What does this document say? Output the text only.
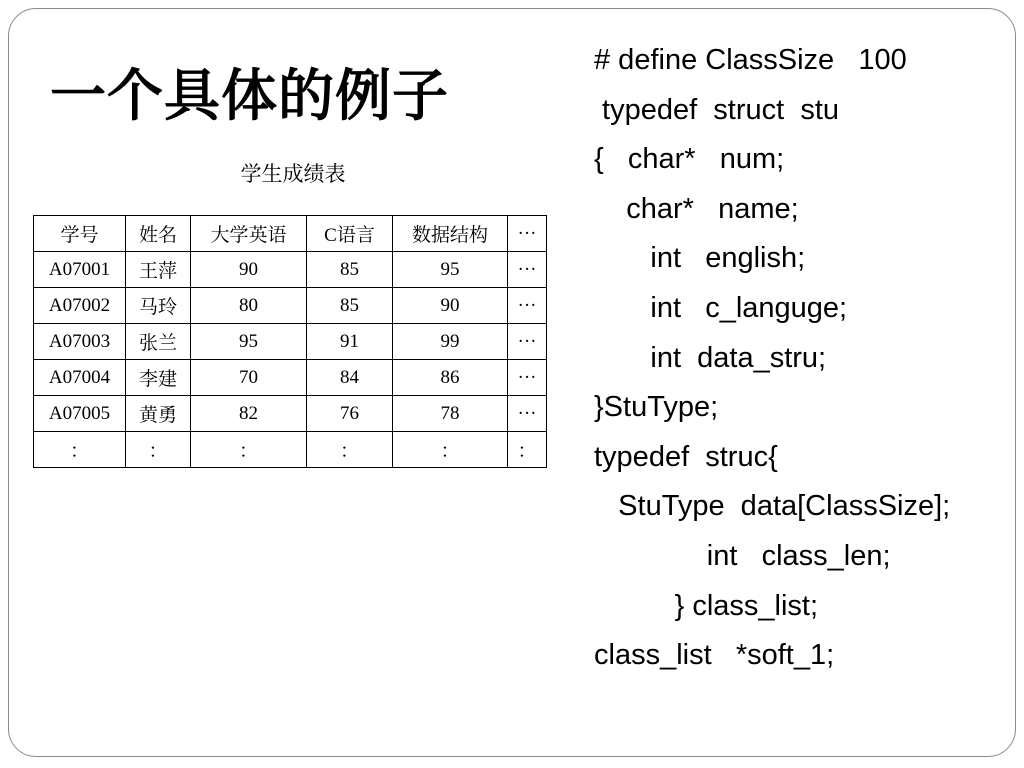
一个具体的例子
学生成绩表
学号	姓名	大学英语	C语言	数据结构	···
A07001	王萍	90	85	95	···
A07002	马玲	80	85	90	···
A07003	张兰	95	91	99	···
A07004	李建	70	84	86	···
A07005	黄勇	82	76	78	···
：	：	：	：	：	：
# define ClassSize   100
typedef  struct  stu
{   char*   num;
char*   name;
int   english;
int   c_languge;
int  data_stru;
}StuType;
typedef  struc{
StuType  data[ClassSize];
int   class_len;
} class_list;
class_list   *soft_1;
